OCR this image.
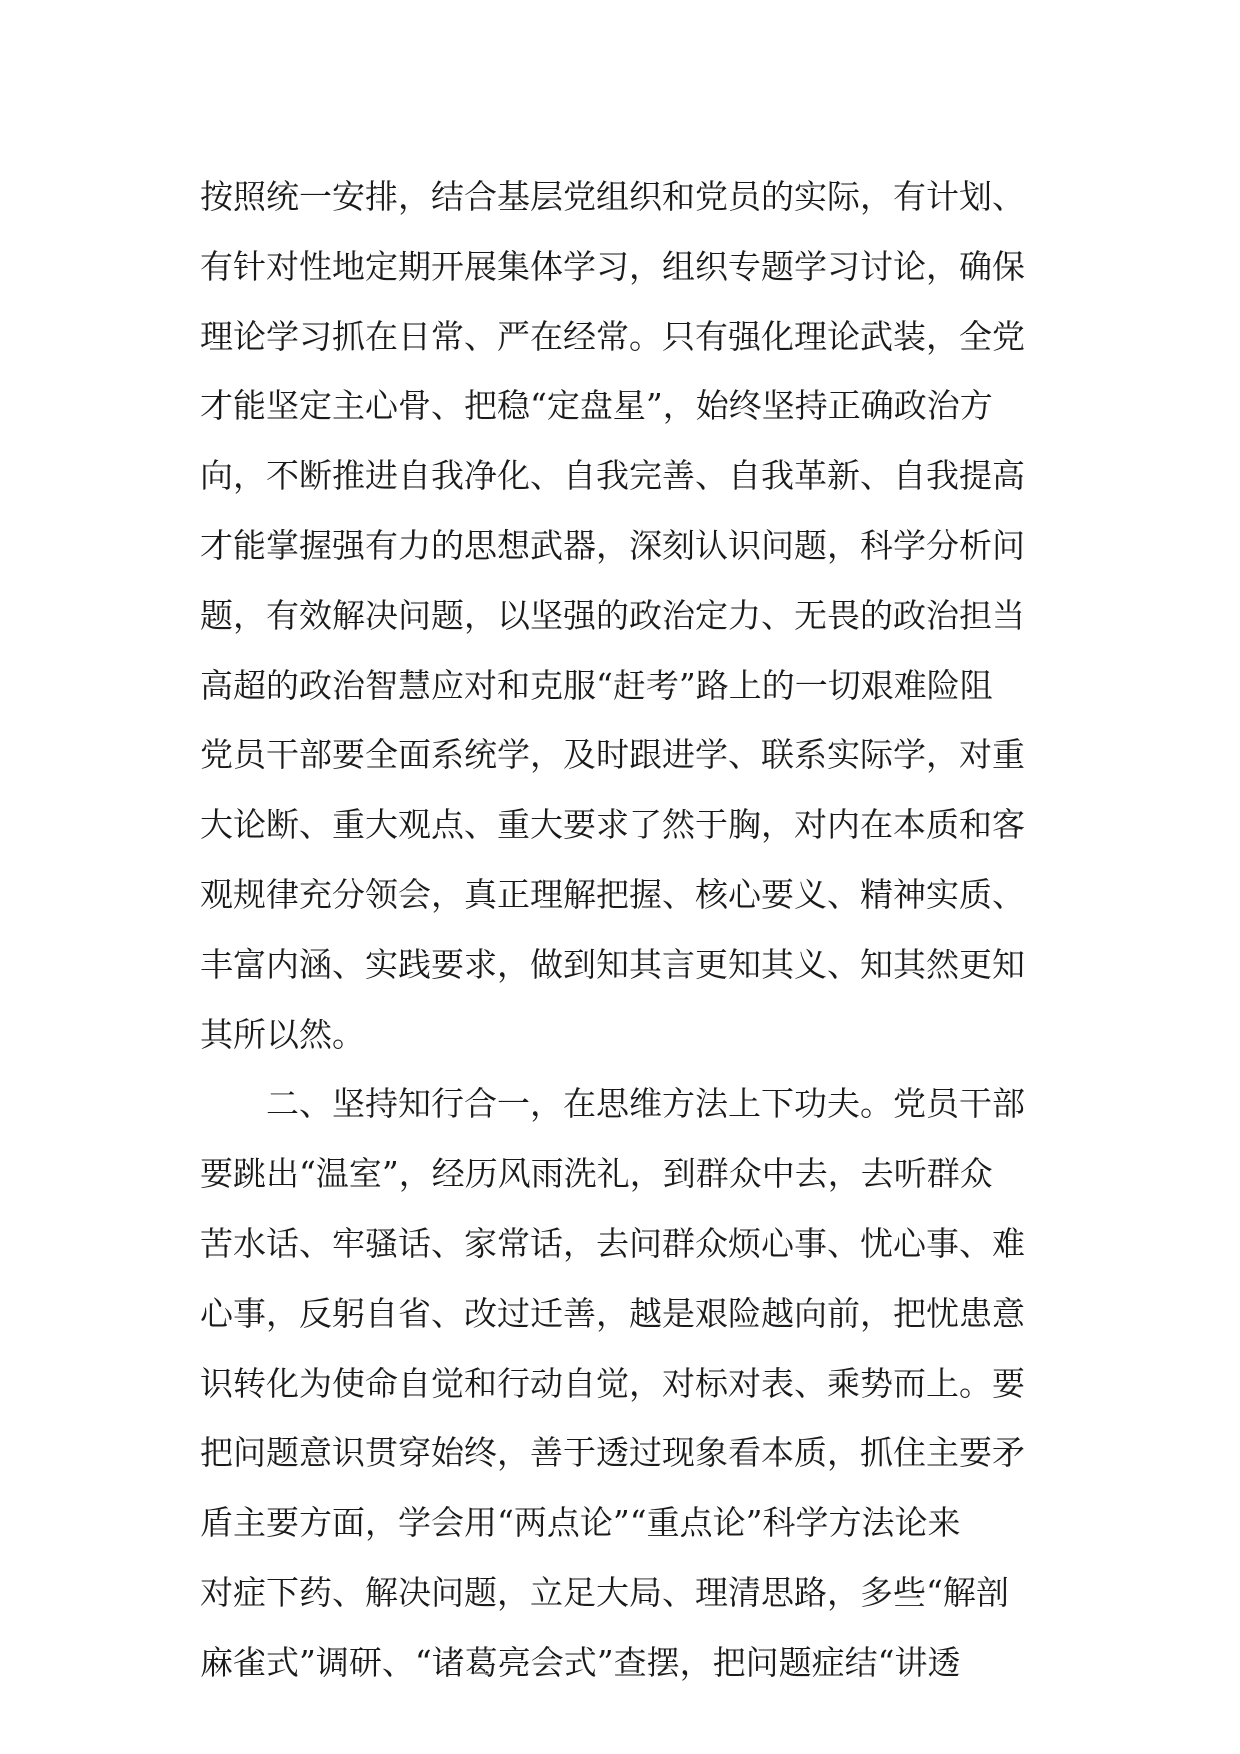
按照统一安排，结合基层党组织和党员的实际，有计划、
有针对性地定期开展集体学习，组织专题学习讨论，确保
理论学习抓在日常、严在经常。只有强化理论武装，全党
才能坚定主心骨、把稳“定盘星”，始终坚持正确政治方
向，不断推进自我净化、自我完善、自我革新、自我提高
才能掌握强有力的思想武器，深刻认识问题，科学分析问
题，有效解决问题，以坚强的政治定力、无畏的政治担当
高超的政治智慧应对和克服“赶考”路上的一切艰难险阻
党员干部要全面系统学，及时跟进学、联系实际学，对重
大论断、重大观点、重大要求了然于胸，对内在本质和客
观规律充分领会，真正理解把握、核心要义、精神实质、
丰富内涵、实践要求，做到知其言更知其义、知其然更知
其所以然。
　　二、坚持知行合一，在思维方法上下功夫。党员干部
要跳出“温室”，经历风雨洗礼，到群众中去，去听群众
苦水话、牢骚话、家常话，去问群众烦心事、忧心事、难
心事，反躬自省、改过迁善，越是艰险越向前，把忧患意
识转化为使命自觉和行动自觉，对标对表、乘势而上。要
把问题意识贯穿始终，善于透过现象看本质，抓住主要矛
盾主要方面，学会用“两点论”“重点论”科学方法论来
对症下药、解决问题，立足大局、理清思路，多些“解剖
麻雀式”调研、“诸葛亮会式”查摆，把问题症结“讲透
